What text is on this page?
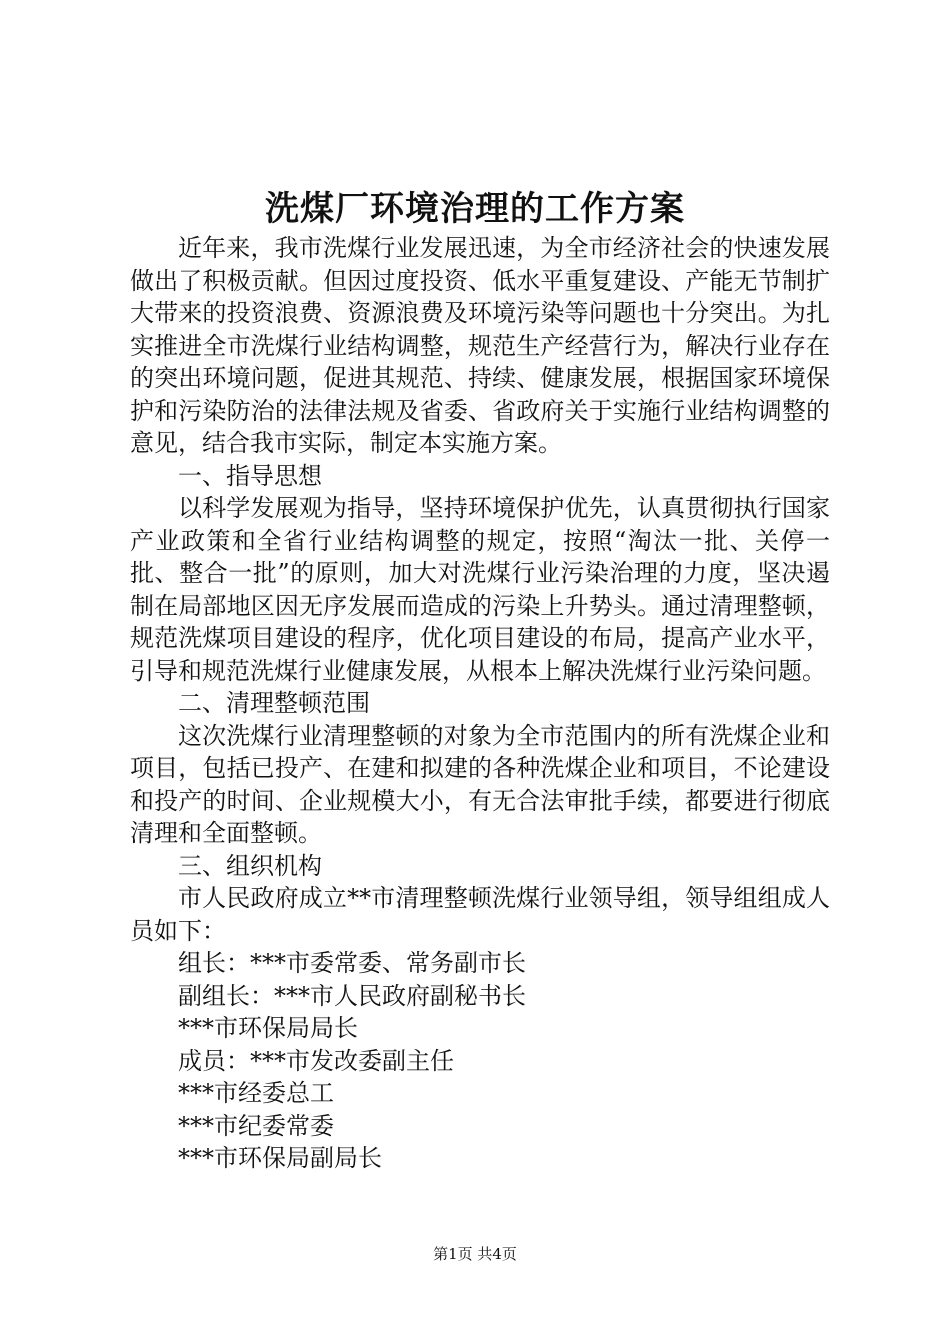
洗煤厂环境治理的工作方案

近年来，我市洗煤行业发展迅速，为全市经济社会的快速发展做出了积极贡献。但因过度投资、低水平重复建设、产能无节制扩大带来的投资浪费、资源浪费及环境污染等问题也十分突出。为扎实推进全市洗煤行业结构调整，规范生产经营行为，解决行业存在的突出环境问题，促进其规范、持续、健康发展，根据国家环境保护和污染防治的法律法规及省委、省政府关于实施行业结构调整的意见，结合我市实际，制定本实施方案。

一、指导思想

以科学发展观为指导，坚持环境保护优先，认真贯彻执行国家产业政策和全省行业结构调整的规定，按照“淘汰一批、关停一批、整合一批”的原则，加大对洗煤行业污染治理的力度，坚决遏制在局部地区因无序发展而造成的污染上升势头。通过清理整顿，规范洗煤项目建设的程序，优化项目建设的布局，提高产业水平，引导和规范洗煤行业健康发展，从根本上解决洗煤行业污染问题。

二、清理整顿范围

这次洗煤行业清理整顿的对象为全市范围内的所有洗煤企业和项目，包括已投产、在建和拟建的各种洗煤企业和项目，不论建设和投产的时间、企业规模大小，有无合法审批手续，都要进行彻底清理和全面整顿。

三、组织机构

市人民政府成立**市清理整顿洗煤行业领导组，领导组组成人员如下：

组长：***市委常委、常务副市长

副组长：***市人民政府副秘书长

***市环保局局长

成员：***市发改委副主任

***市经委总工

***市纪委常委

***市环保局副局长

第1页 共4页
